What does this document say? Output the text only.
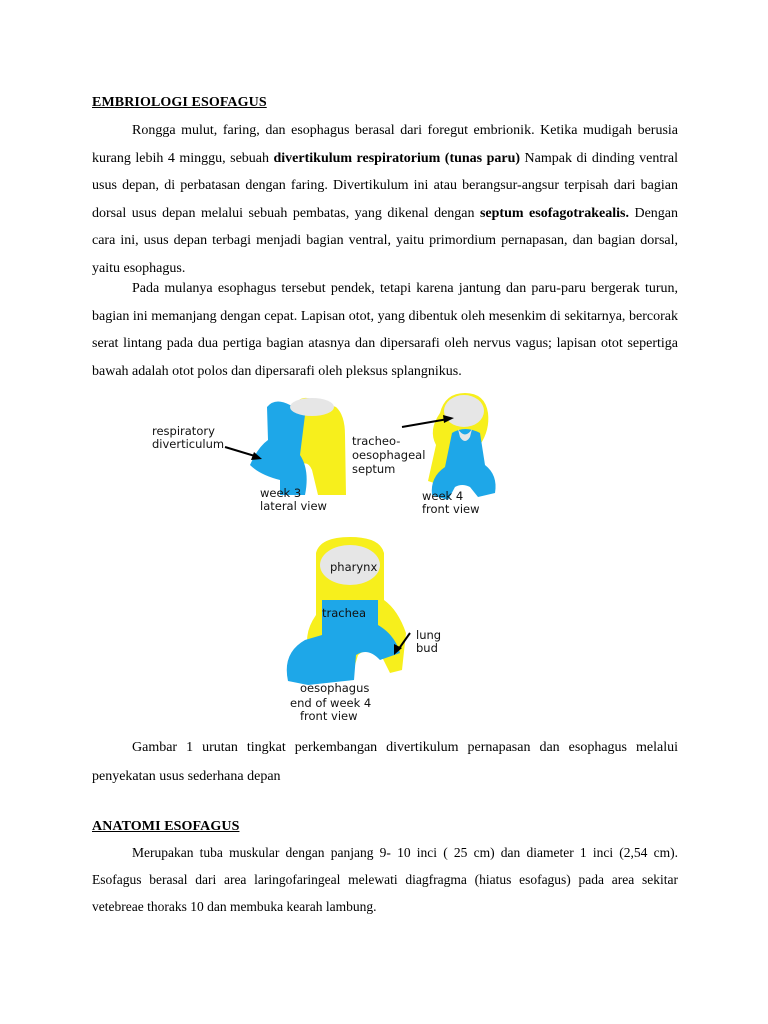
EMBRIOLOGI ESOFAGUS

Rongga mulut, faring, dan esophagus berasal dari foregut embrionik. Ketika mudigah berusia kurang lebih 4 minggu, sebuah divertikulum respiratorium (tunas paru) Nampak di dinding ventral usus depan, di perbatasan dengan faring. Divertikulum ini atau berangsur-angsur terpisah dari bagian dorsal usus depan melalui sebuah pembatas, yang dikenal dengan septum esofagotrakealis. Dengan cara ini, usus depan terbagi menjadi bagian ventral, yaitu primordium pernapasan, dan bagian dorsal, yaitu esophagus.

Pada mulanya esophagus tersebut pendek, tetapi karena jantung dan paru-paru bergerak turun, bagian ini memanjang dengan cepat. Lapisan otot, yang dibentuk oleh mesenkim di sekitarnya, bercorak serat lintang pada dua pertiga bagian atasnya dan dipersarafi oleh nervus vagus; lapisan otot sepertiga bawah adalah otot polos dan dipersarafi oleh pleksus splangnikus.

respiratory
diverticulum	tracheo-
oesophageal
septum
week 3
lateral view
week 4
front view
pharynx
trachea
lung
bud
oesophagus
end of week 4
front view

Gambar 1 urutan tingkat perkembangan divertikulum pernapasan dan esophagus melalui penyekatan usus sederhana depan

ANATOMI ESOFAGUS

Merupakan tuba muskular dengan panjang 9- 10 inci ( 25 cm) dan diameter 1 inci (2,54 cm). Esofagus berasal dari area laringofaringeal melewati diagfragma (hiatus esofagus) pada area sekitar vetebreae thoraks 10 dan membuka kearah lambung.
